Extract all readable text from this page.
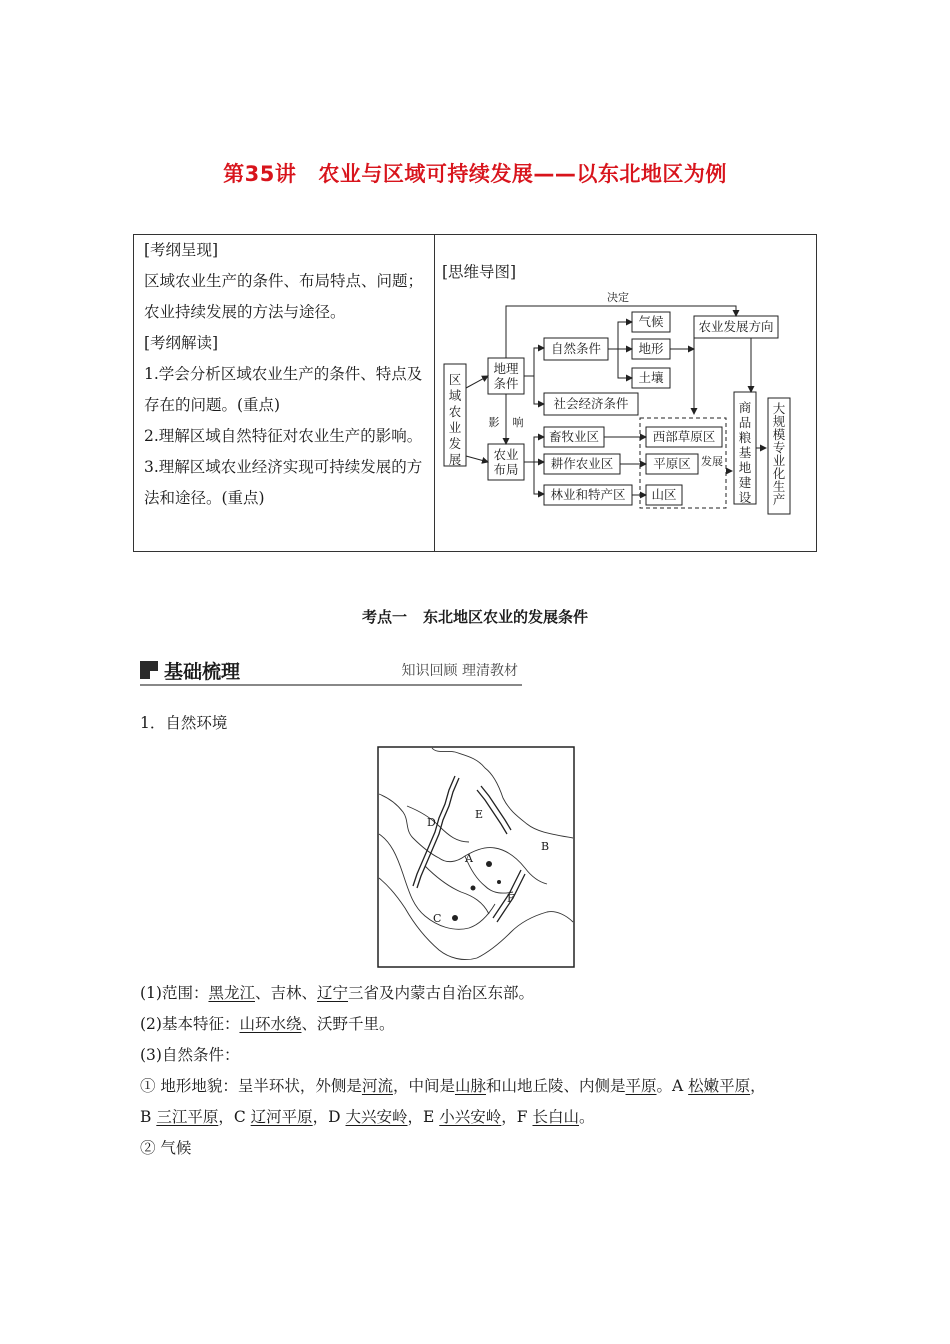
第35讲 农业与区域可持续发展——以东北地区为例

[考纲呈现]

区域农业生产的条件、布局特点、问题；农业持续发展的方法与途径。

[考纲解读]

1.学会分析区域农业生产的条件、特点及存在的问题。(重点)

2.理解区域自然特征对农业生产的影响。

3.理解区域农业经济实现可持续发展的方法和途径。(重点)

[思维导图]
区
域
农
业
发
展
地理
条件
农业
布局
自然条件
社会经济条件
气候
地形
土壤
农业发展方向
决定
影 响
畜牧业区
耕作农业区
林业和特产区
西部草原区
平原区
山区
发展
商
品
粮
基
地
建
设
大
规
模
专
业
化
生
产
考点一 东北地区农业的发展条件
基础梳理	知识回顾 理清教材
1．自然环境
D
E
A
B
C
F
(1)范围：黑龙江、吉林、辽宁三省及内蒙古自治区东部。
(2)基本特征：山环水绕、沃野千里。
(3)自然条件：
① 地形地貌：呈半环状，外侧是河流，中间是山脉和山地丘陵、内侧是平原。A 松嫩平原，
B 三江平原，C 辽河平原，D 大兴安岭，E 小兴安岭，F 长白山。
② 气候
